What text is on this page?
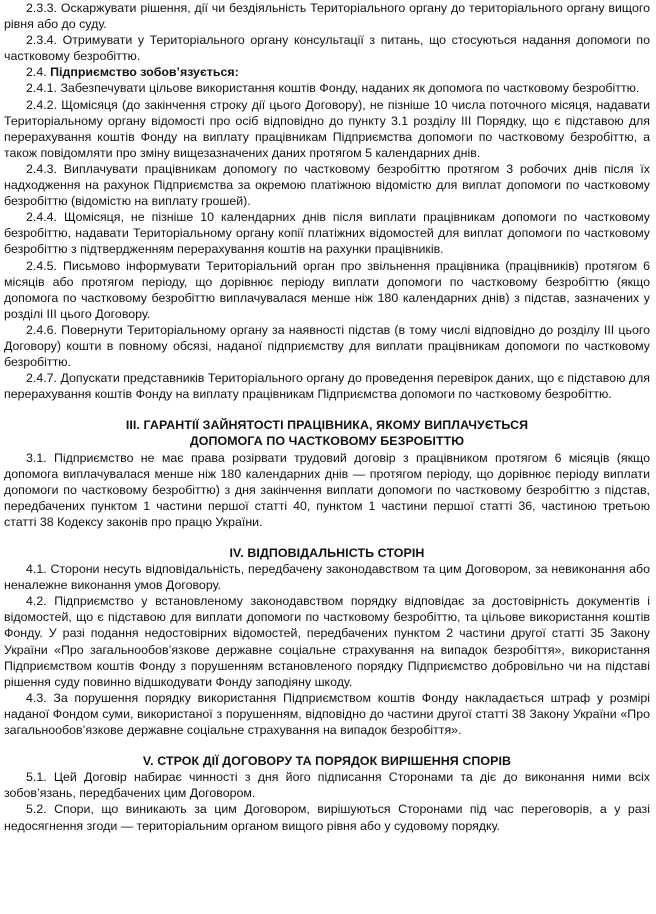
2.3.3. Оскаржувати рішення, дії чи бездіяльність Територіального органу до територіального органу вищого рівня або до суду.

2.3.4. Отримувати у Територіального органу консультації з питань, що стосуються надання допомоги по частковому безробіттю.

2.4. Підприємство зобов’язується:

2.4.1. Забезпечувати цільове використання коштів Фонду, наданих як допомога по частковому безробіттю.

2.4.2. Щомісяця (до закінчення строку дії цього Договору), не пізніше 10 числа поточного місяця, надавати Територіальному органу відомості про осіб відповідно до пункту 3.1 розділу III Порядку, що є підставою для перерахування коштів Фонду на виплату працівникам Підприємства допомоги по частковому безробіттю, а також повідомляти про зміну вищезазначених даних протягом 5 календарних днів.

2.4.3. Виплачувати працівникам допомогу по частковому безробіттю протягом 3 робочих днів після їх надходження на рахунок Підприємства за окремою платіжною відомістю для виплат допомоги по частковому безробіттю (відомістю на виплату грошей).

2.4.4. Щомісяця, не пізніше 10 календарних днів після виплати працівникам допомоги по частковому безробіттю, надавати Територіальному органу копії платіжних відомостей для виплат допомоги по частковому безробіттю з підтвердженням перерахування коштів на рахунки працівників.

2.4.5. Письмово інформувати Територіальний орган про звільнення працівника (працівників) протягом 6 місяців або протягом періоду, що дорівнює періоду виплати допомоги по частковому безробіттю (якщо допомога по частковому безробіттю виплачувалася менше ніж 180 календарних днів) з підстав, зазначених у розділі III цього Договору.

2.4.6. Повернути Територіальному органу за наявності підстав (в тому числі відповідно до розділу III цього Договору) кошти в повному обсязі, наданої підприємству для виплати працівникам допомоги по частковому безробіттю.

2.4.7. Допускати представників Територіального органу до проведення перевірок даних, що є підставою для перерахування коштів Фонду на виплату працівникам Підприємства допомоги по частковому безробіттю.

III. ГАРАНТІЇ ЗАЙНЯТОСТІ ПРАЦІВНИКА, ЯКОМУ ВИПЛАЧУЄТЬСЯ
ДОПОМОГА ПО ЧАСТКОВОМУ БЕЗРОБІТТЮ

3.1. Підприємство не має права розірвати трудовий договір з працівником протягом 6 місяців (якщо допомога виплачувалася менше ніж 180 календарних днів — протягом періоду, що дорівнює періоду виплати допомоги по частковому безробіттю) з дня закінчення виплати допомоги по частковому безробіттю з підстав, передбачених пунктом 1 частини першої статті 40, пунктом 1 частини першої статті 36, частиною третьою статті 38 Кодексу законів про працю України.

IV. ВІДПОВІДАЛЬНІСТЬ СТОРІН

4.1. Сторони несуть відповідальність, передбачену законодавством та цим Договором, за невиконання або неналежне виконання умов Договору.

4.2. Підприємство у встановленому законодавством порядку відповідає за достовірність документів і відомостей, що є підставою для виплати допомоги по частковому безробіттю, та цільове використання коштів Фонду. У разі подання недостовірних відомостей, передбачених пунктом 2 частини другої статті 35 Закону України «Про загальнообов’язкове державне соціальне страхування на випадок безробіття», використання Підприємством коштів Фонду з порушенням встановленого порядку Підприємство добровільно чи на підставі рішення суду повинно відшкодувати Фонду заподіяну шкоду.

4.3. За порушення порядку використання Підприємством коштів Фонду накладається штраф у розмірі наданої Фондом суми, використаної з порушенням, відповідно до частини другої статті 38 Закону України «Про загальнообов’язкове державне соціальне страхування на випадок безробіття».

V. СТРОК ДІЇ ДОГОВОРУ ТА ПОРЯДОК ВИРІШЕННЯ СПОРІВ

5.1. Цей Договір набирає чинності з дня його підписання Сторонами та діє до виконання ними всіх зобов’язань, передбачених цим Договором.

5.2. Спори, що виникають за цим Договором, вирішуються Сторонами під час переговорів, а у разі недосягнення згоди — територіальним органом вищого рівня або у судовому порядку.
